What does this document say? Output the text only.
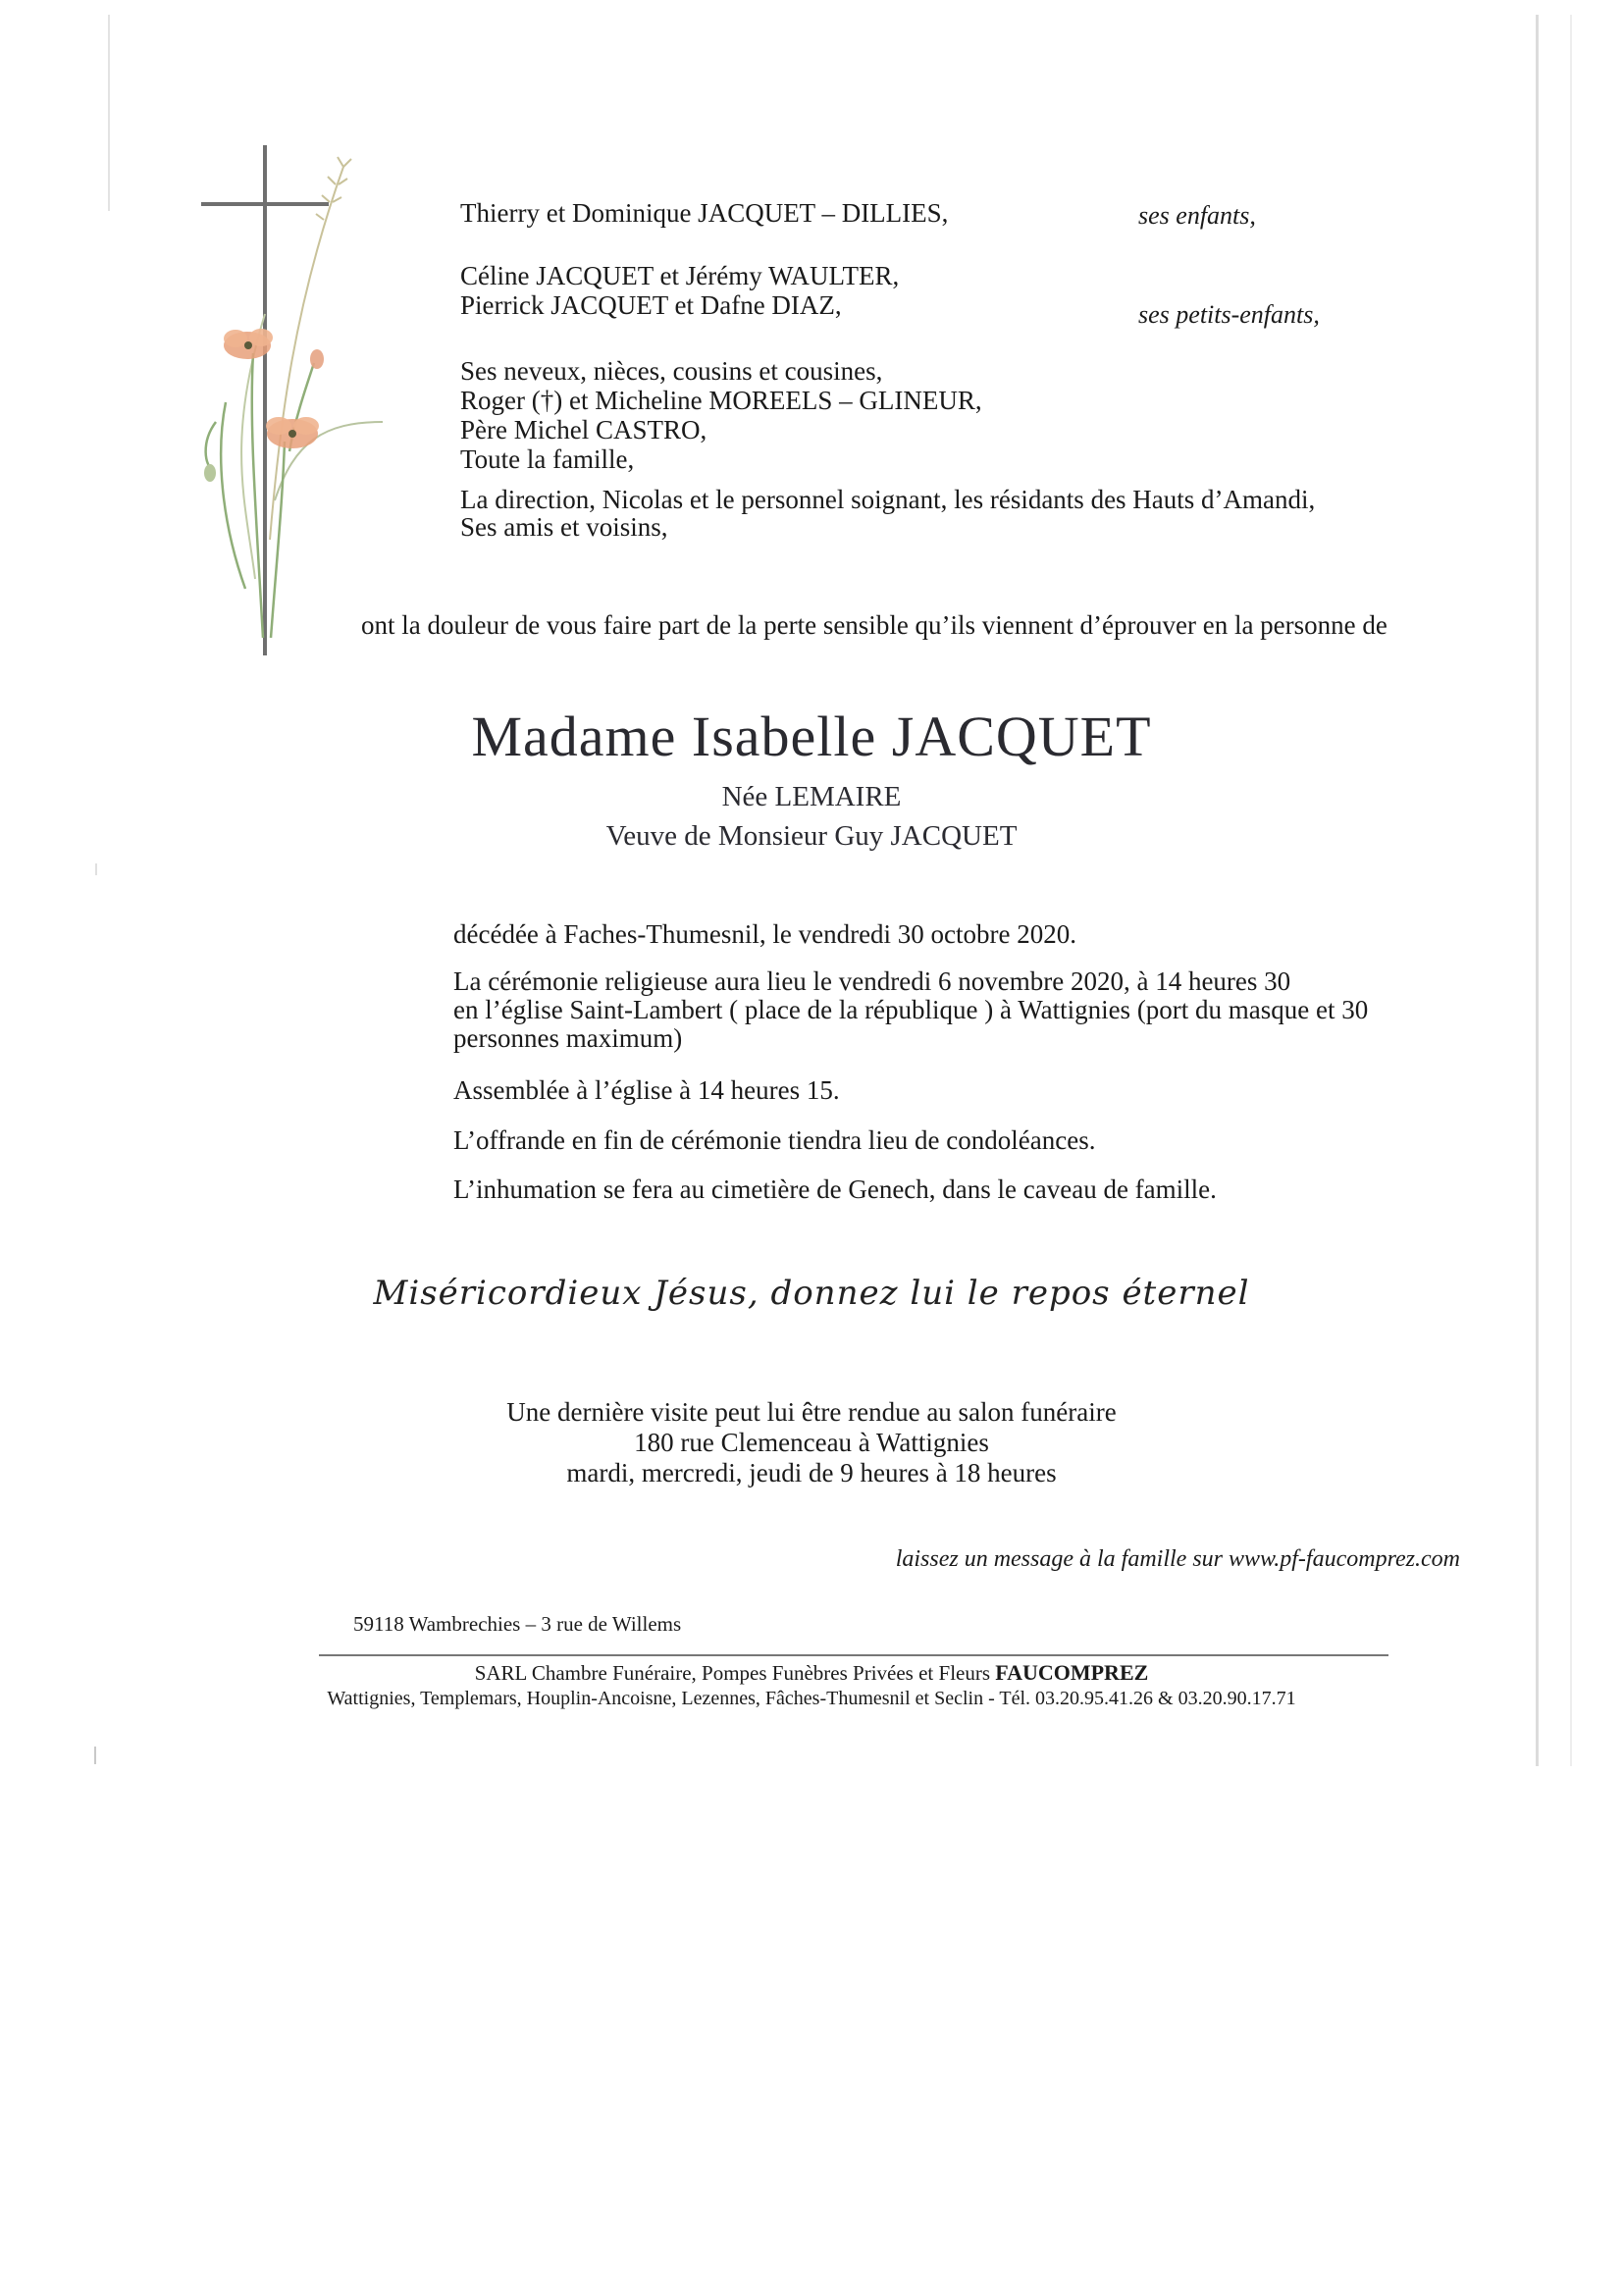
Thierry et Dominique JACQUET – DILLIES,	ses enfants,
Céline JACQUET et Jérémy WAULTER,
Pierrick JACQUET et Dafne DIAZ,	ses petits-enfants,
Ses neveux, nièces, cousins et cousines,
Roger (†) et Micheline MOREELS – GLINEUR,
Père Michel CASTRO,
Toute la famille,
La direction, Nicolas et le personnel soignant, les résidants des Hauts d’Amandi,
Ses amis et voisins,
ont la douleur de vous faire part de la perte sensible qu’ils viennent d’éprouver en la personne de
Madame Isabelle JACQUET
Née LEMAIRE
Veuve de Monsieur Guy JACQUET
décédée à Faches-Thumesnil, le vendredi 30 octobre 2020.
La cérémonie religieuse aura lieu le vendredi 6 novembre 2020, à 14 heures 30
en l’église Saint-Lambert ( place de la république ) à Wattignies (port du masque et 30
personnes maximum)
Assemblée à l’église à 14 heures 15.
L’offrande en fin de cérémonie tiendra lieu de condoléances.
L’inhumation se fera au cimetière de Genech, dans le caveau de famille.
Miséricordieux Jésus, donnez lui le repos éternel
Une dernière visite peut lui être rendue au salon funéraire
180 rue Clemenceau à Wattignies
mardi, mercredi, jeudi de 9 heures à 18 heures
laissez un message à la famille sur www.pf-faucomprez.com
59118 Wambrechies – 3 rue de Willems
SARL Chambre Funéraire, Pompes Funèbres Privées et Fleurs FAUCOMPREZ
Wattignies, Templemars, Houplin-Ancoisne, Lezennes, Fâches-Thumesnil et Seclin - Tél. 03.20.95.41.26 & 03.20.90.17.71
